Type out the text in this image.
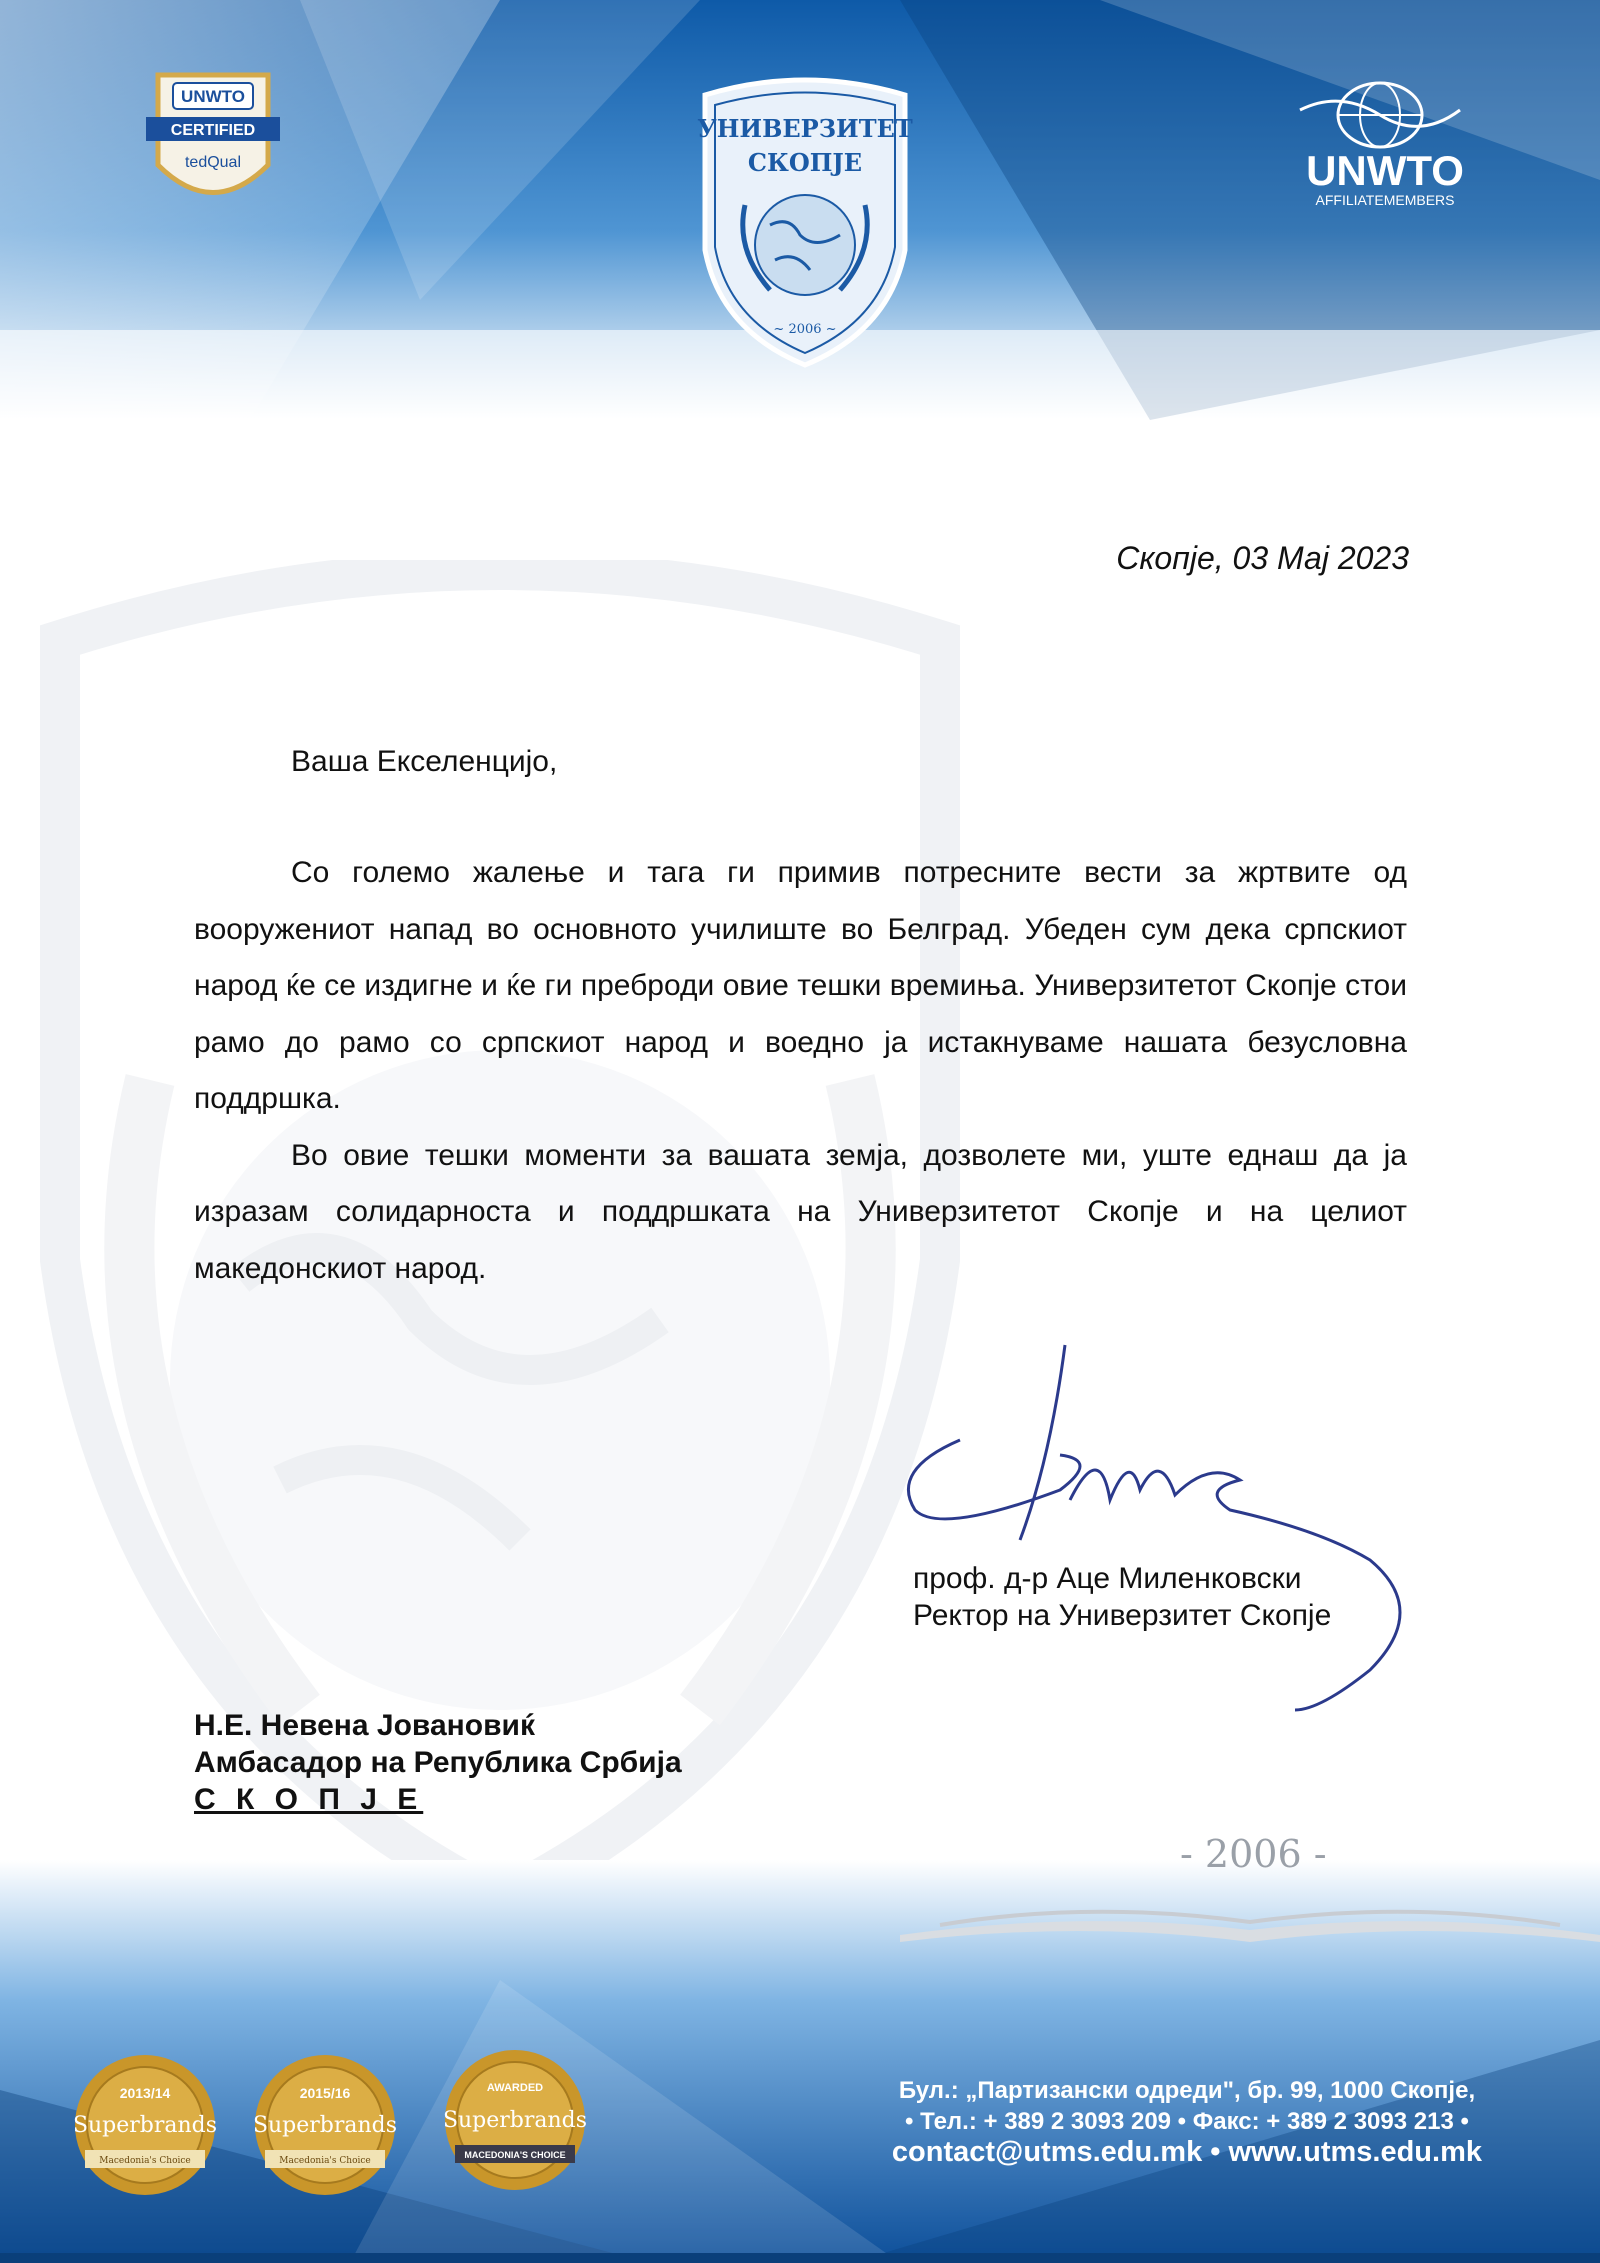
UNWTO
CERTIFIED
tedQual
УНИВЕРЗИТЕТ
СКОПЈЕ
~ 2006 ~
UNWTO
AFFILIATEMEMBERS
Скопје, 03 Мај 2023
Ваша Екселенцијо,

Со големо жалење и тага ги примив потресните вести за жртвите од вооружениот напад во основното училиште во Белград. Убеден сум дека српскиот народ ќе се издигне и ќе ги преброди овие тешки времиња. Универзитетот Скопје стои рамо до рамо со српскиот народ и воедно ја истакнуваме нашата безусловна поддршка.

Во овие тешки моменти за вашата земја, дозволете ми, уште еднаш да ја изразам солидарноста и поддршката на Универзитетот Скопје и на целиот македонскиот народ.

проф. д-р Аце Миленковски
Ректор на Универзитет Скопје
Н.Е. Невена Јовановиќ
Амбасадор на Република Србија
С К О П Ј Е
- 2006 -
2013/14
Superbrands
Macedonia's Choice
2015/16
Superbrands
Macedonia's Choice
AWARDED
Superbrands
MACEDONIA'S CHOICE
Бул.: „Партизански одреди", бр. 99, 1000 Скопје,
• Тел.: + 389 2 3093 209 • Факс: + 389 2 3093 213 •
contact@utms.edu.mk • www.utms.edu.mk
